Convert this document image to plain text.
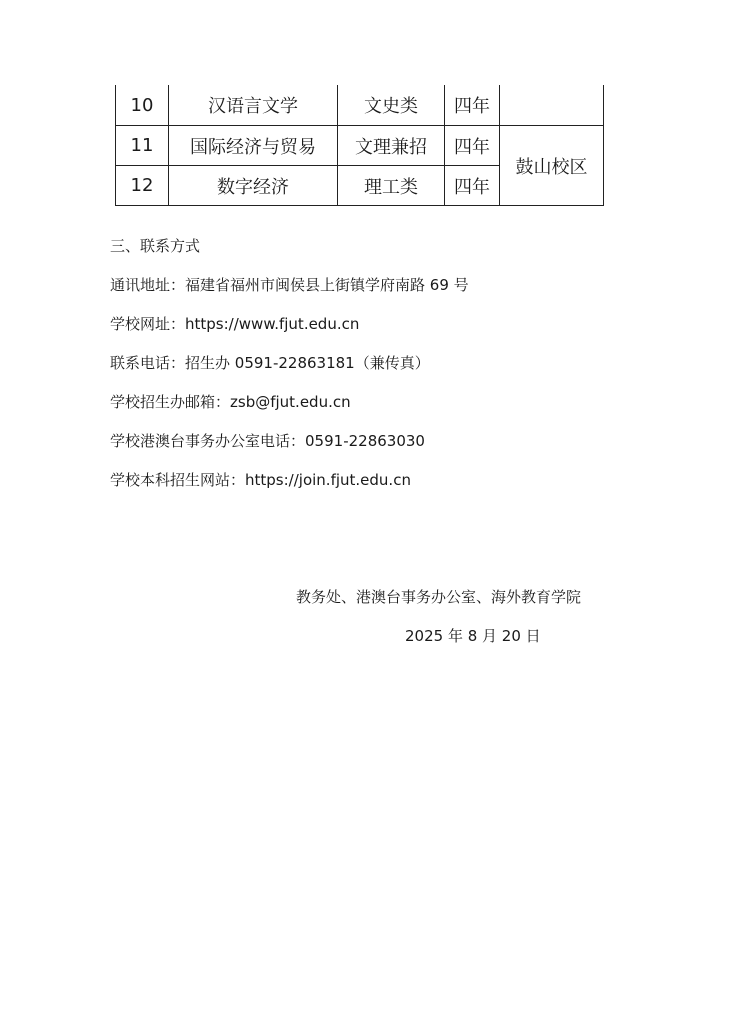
10	汉语言文学	文史类	四年	
11	国际经济与贸易	文理兼招	四年	鼓山校区
12	数字经济	理工类	四年	
三、联系方式
通讯地址：福建省福州市闽侯县上街镇学府南路 69 号
学校网址：https://www.fjut.edu.cn
联系电话：招生办 0591-22863181（兼传真）
学校招生办邮箱：zsb@fjut.edu.cn
学校港澳台事务办公室电话：0591-22863030
学校本科招生网站：https://join.fjut.edu.cn
教务处、港澳台事务办公室、海外教育学院
2025 年 8 月 20 日
